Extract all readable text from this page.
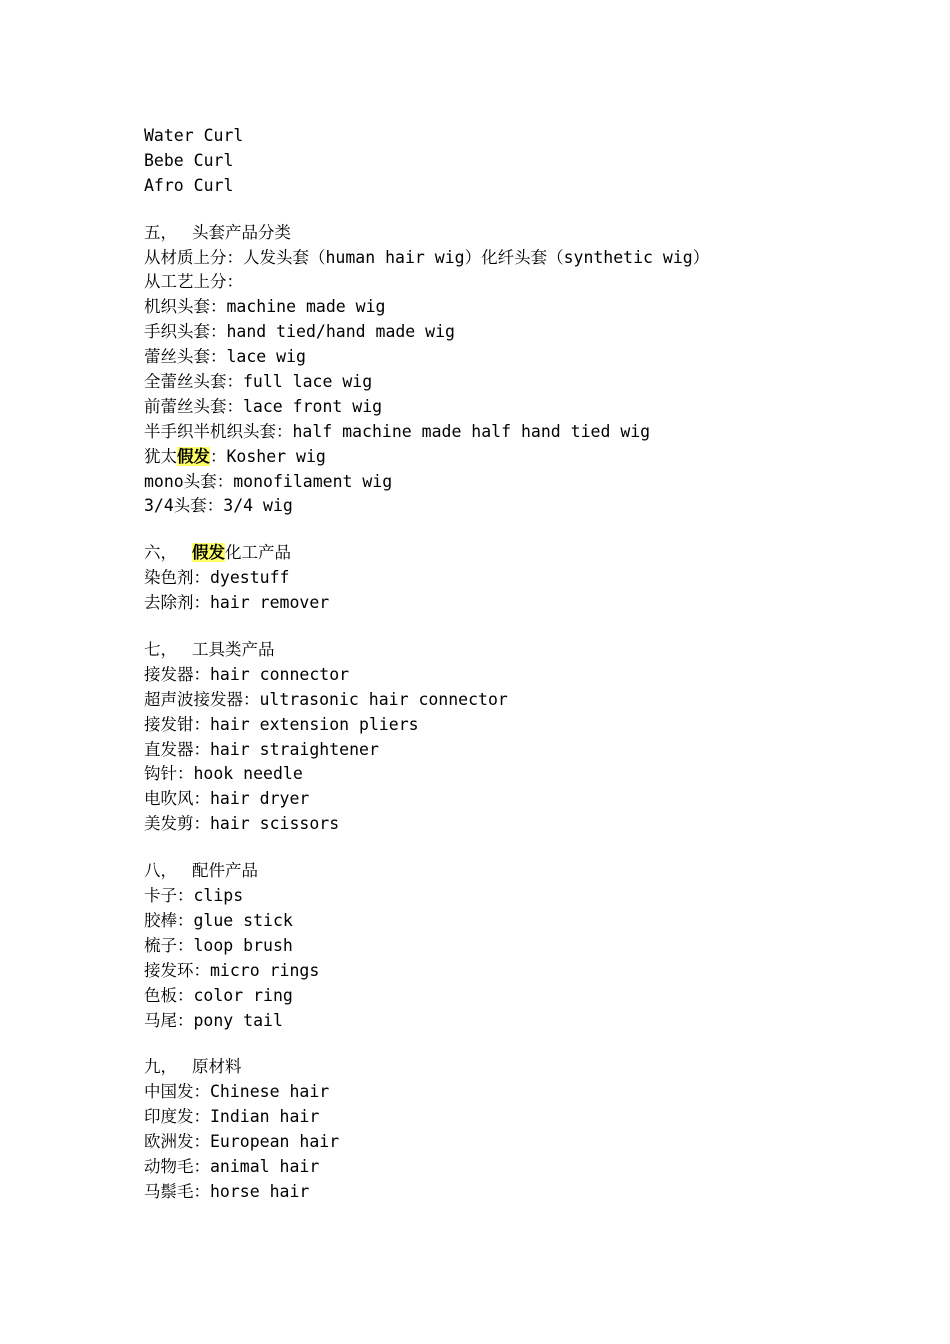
Water Curl
Bebe Curl
Afro Curl
五， 头套产品分类
从材质上分：人发头套（human hair wig）化纤头套（synthetic wig）
从工艺上分：
机织头套：machine made wig
手织头套：hand tied/hand made wig
蕾丝头套：lace wig
全蕾丝头套：full lace wig
前蕾丝头套：lace front wig
半手织半机织头套：half machine made half hand tied wig
犹太假发：Kosher wig
mono头套：monofilament wig
3/4头套：3/4 wig
六， 假发化工产品
染色剂：dyestuff
去除剂：hair remover
七， 工具类产品
接发器：hair connector
超声波接发器：ultrasonic hair connector
接发钳：hair extension pliers
直发器：hair straightener
钩针：hook needle
电吹风：hair dryer
美发剪：hair scissors
八， 配件产品
卡子：clips
胶棒：glue stick
梳子：loop brush
接发环：micro rings
色板：color ring
马尾：pony tail
九， 原材料
中国发：Chinese hair
印度发：Indian hair
欧洲发：European hair
动物毛：animal hair
马鬃毛：horse hair
